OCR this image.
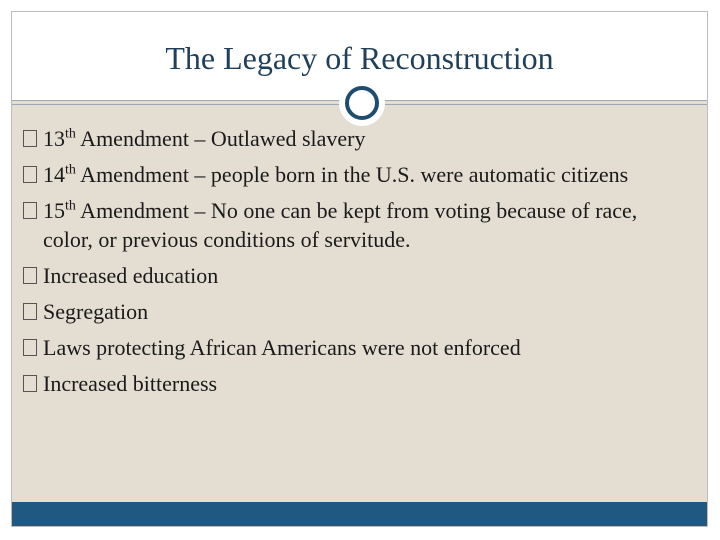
The Legacy of Reconstruction
13th Amendment – Outlawed slavery
14th Amendment – people born in the U.S. were automatic citizens
15th Amendment – No one can be kept from voting because of race, color, or previous conditions of servitude.
Increased education
Segregation
Laws protecting African Americans were not enforced
Increased bitterness
